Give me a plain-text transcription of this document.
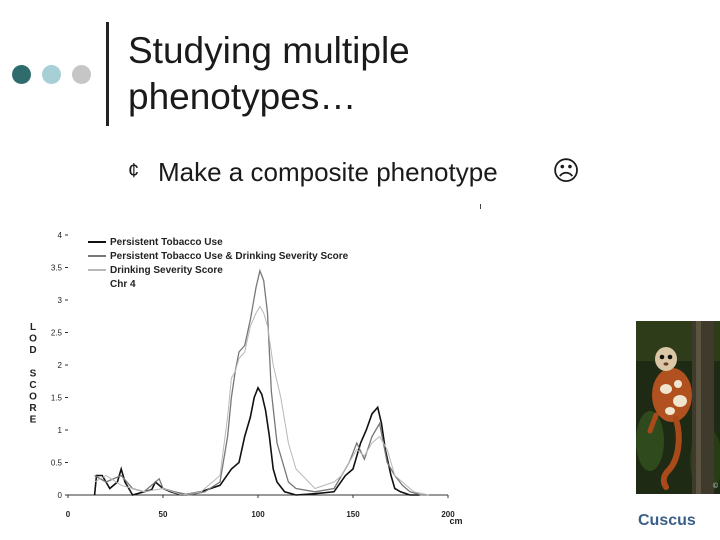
Studying multiple
phenotypes…
¢ Make a composite phenotype ☹
0
0.5
1
1.5
2
2.5
3
3.5
4
0	50	100	150	200
cm
L
O
D
S
C
O
R
E
Persistent Tobacco Use
Persistent Tobacco Use & Drinking Severity Score
Drinking Severity Score
Chr 4
©
Cuscus
